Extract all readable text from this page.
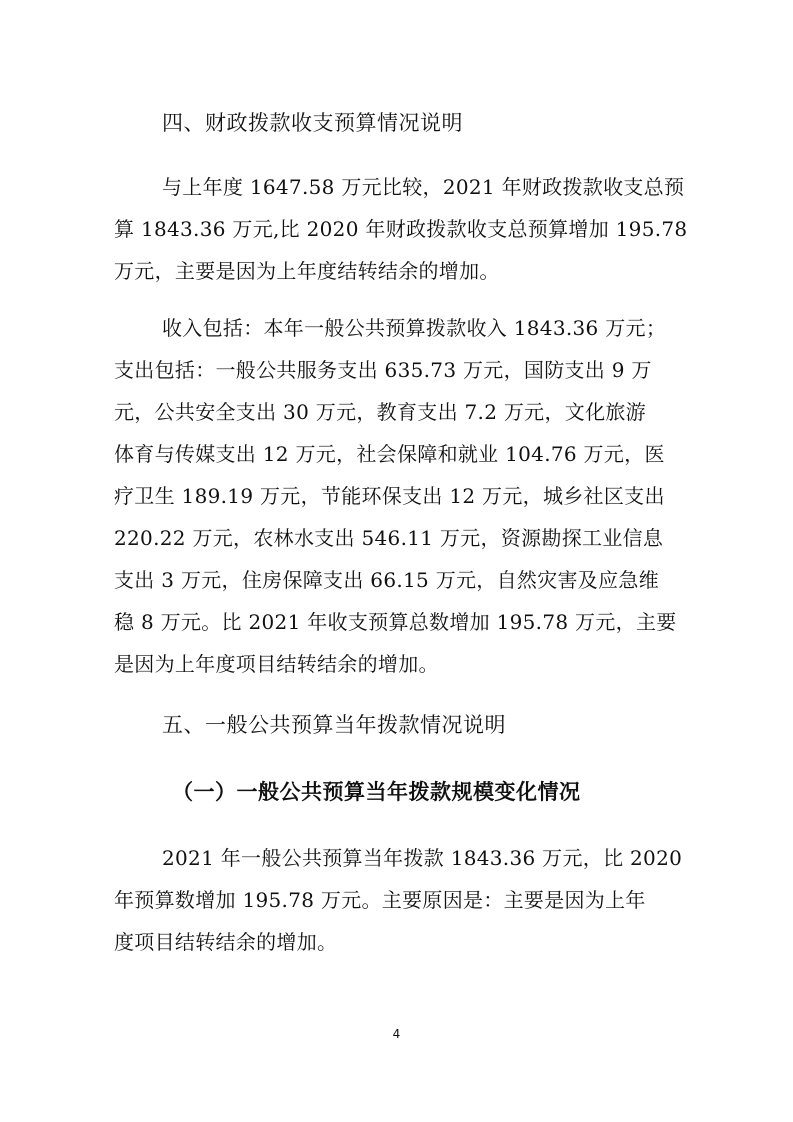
四、财政拨款收支预算情况说明
与上年度 1647.58 万元比较，2021 年财政拨款收支总预
算 1843.36 万元,比 2020 年财政拨款收支总预算增加 195.78
万元，主要是因为上年度结转结余的增加。
收入包括：本年一般公共预算拨款收入 1843.36 万元；
支出包括：一般公共服务支出 635.73 万元，国防支出 9 万
元，公共安全支出 30 万元，教育支出 7.2 万元，文化旅游
体育与传媒支出 12 万元，社会保障和就业 104.76 万元，医
疗卫生 189.19 万元，节能环保支出 12 万元，城乡社区支出
220.22 万元，农林水支出 546.11 万元，资源勘探工业信息
支出 3 万元，住房保障支出 66.15 万元，自然灾害及应急维
稳 8 万元。比 2021 年收支预算总数增加 195.78 万元，主要
是因为上年度项目结转结余的增加。
五、一般公共预算当年拨款情况说明
（一）一般公共预算当年拨款规模变化情况
2021 年一般公共预算当年拨款 1843.36 万元，比 2020
年预算数增加 195.78 万元。主要原因是：主要是因为上年
度项目结转结余的增加。
4
